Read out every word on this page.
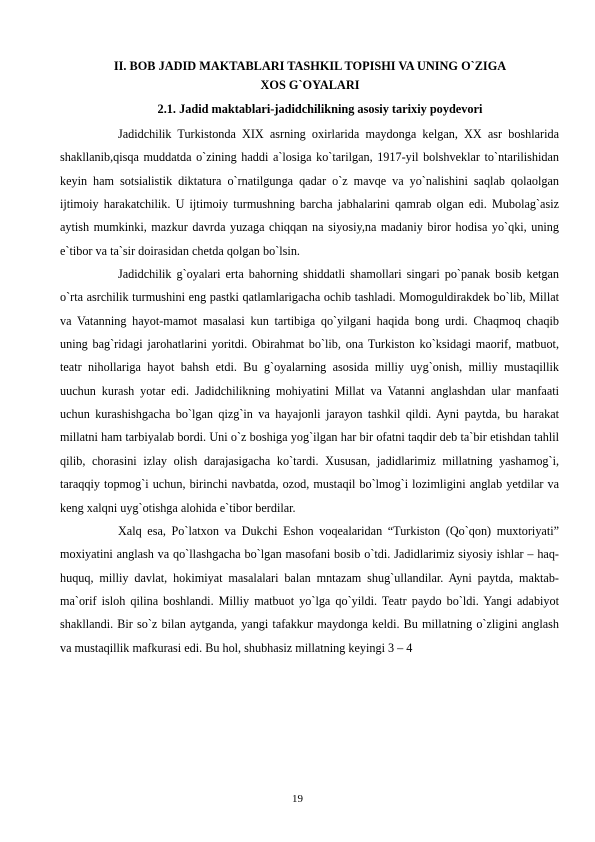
II. BOB JADID MAKTABLARI TASHKIL TOPISHI VA UNING O`ZIGA
XOS G`OYALARI
2.1. Jadid maktablari-jadidchilikning asosiy tarixiy poydevori

Jadidchilik Turkistonda XIX asrning oxirlarida maydonga kelgan, XX asr boshlarida shakllanib,qisqa muddatda o`zining haddi a`losiga ko`tarilgan, 1917-yil bolshveklar to`ntarilishidan keyin ham sotsialistik diktatura o`rnatilgunga qadar o`z mavqe va yo`nalishini saqlab qolaolgan ijtimoiy harakatchilik. U ijtimoiy turmushning barcha jabhalarini qamrab olgan edi. Mubolag`asiz aytish mumkinki, mazkur davrda yuzaga chiqqan na siyosiy,na madaniy biror hodisa yo`qki, uning e`tibor va ta`sir doirasidan chetda qolgan bo`lsin.

Jadidchilik g`oyalari erta bahorning shiddatli shamollari singari po`panak bosib ketgan o`rta asrchilik turmushini eng pastki qatlamlarigacha ochib tashladi. Momoguldirakdek bo`lib, Millat va Vatanning hayot-mamot masalasi kun tartibiga qo`yilgani haqida bong urdi. Chaqmoq chaqib uning bag`ridagi jarohatlarini yoritdi. Obirahmat bo`lib, ona Turkiston ko`ksidagi maorif, matbuot, teatr nihollariga hayot bahsh etdi. Bu g`oyalarning asosida milliy uyg`onish, milliy mustaqillik uuchun kurash yotar edi. Jadidchilikning mohiyatini Millat va Vatanni anglashdan ular manfaati uchun kurashishgacha bo`lgan qizg`in va hayajonli jarayon tashkil qildi. Ayni paytda, bu harakat millatni ham tarbiyalab bordi. Uni o`z boshiga yog`ilgan har bir ofatni taqdir deb ta`bir etishdan tahlil qilib, chorasini izlay olish darajasigacha ko`tardi. Xususan, jadidlarimiz millatning yashamog`i, taraqqiy topmog`i uchun, birinchi navbatda, ozod, mustaqil bo`lmog`i lozimligini anglab yetdilar va keng xalqni uyg`otishga alohida e`tibor berdilar.

Xalq esa, Po`latxon va Dukchi Eshon voqealaridan “Turkiston (Qo`qon) muxtoriyati” moxiyatini anglash va qo`llashgacha bo`lgan masofani bosib o`tdi. Jadidlarimiz siyosiy ishlar – haq-huquq, milliy davlat, hokimiyat masalalari balan mntazam shug`ullandilar. Ayni paytda, maktab-ma`orif isloh qilina boshlandi. Milliy matbuot yo`lga qo`yildi. Teatr paydo bo`ldi. Yangi adabiyot shakllandi. Bir so`z bilan aytganda, yangi tafakkur maydonga keldi. Bu millatning o`zligini anglash va mustaqillik mafkurasi edi. Bu hol, shubhasiz millatning keyingi 3 – 4

19
